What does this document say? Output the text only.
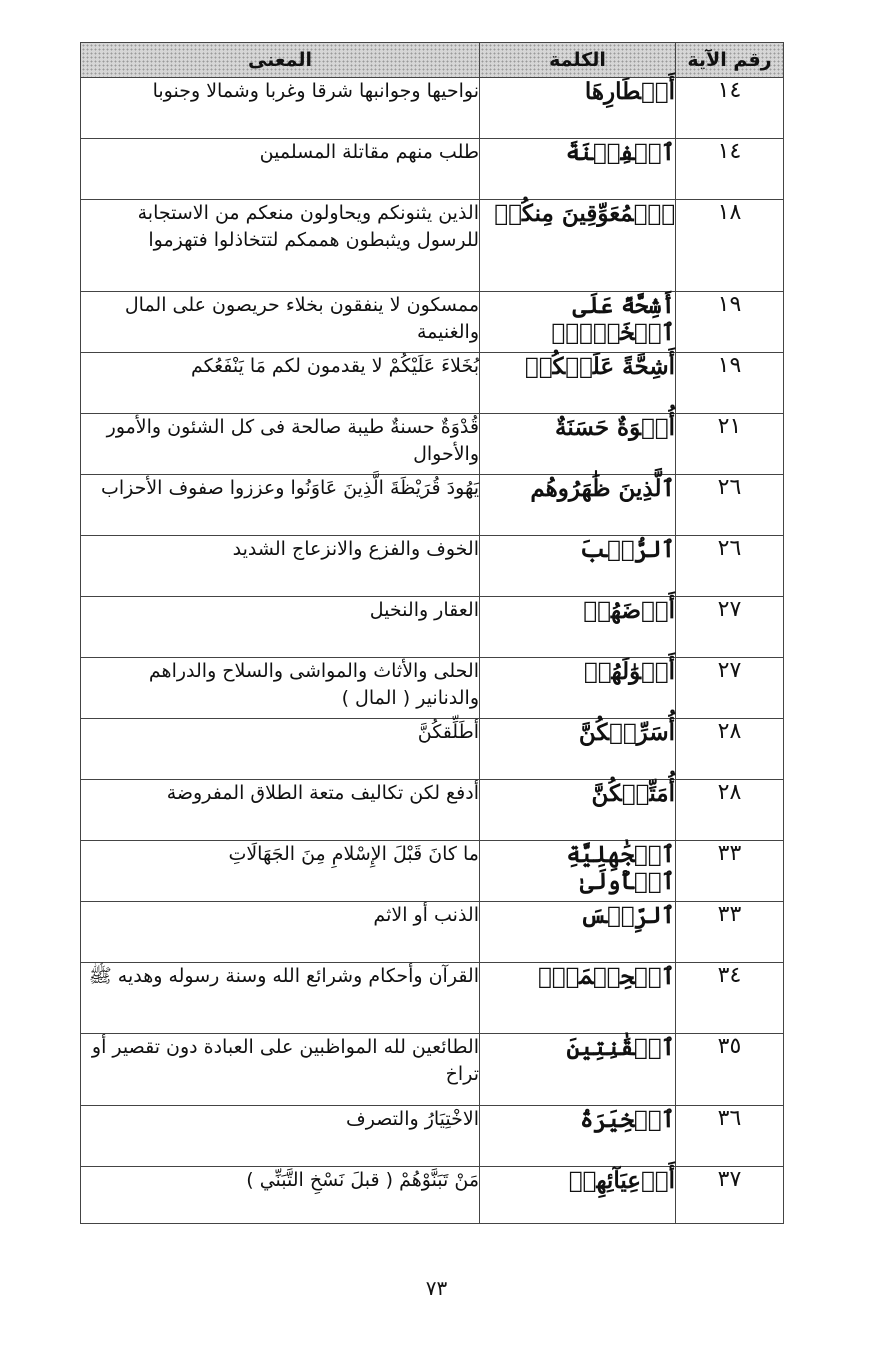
رقم الآية	الكلمة	المعنى
١٤	أَقۡطَارِهَا	نواحيها وجوانبها شرقا وغربا وشمالا وجنوبا
١٤	ٱلۡفِتۡنَةَ	طلب منهم مقاتلة المسلمين
١٨	ٱلۡمُعَوِّقِينَ مِنكُمۡ	الذين يثنونكم ويحاولون منعكم من الاستجابة للرسول ويثبطون هممكم لتتخاذلوا فتهزموا
١٩	أَشِحَّةً عَلَى ٱلۡخَيۡرِۚ	ممسكون لا ينفقون بخلاء حريصون على المال والغنيمة
١٩	أَشِحَّةً عَلَيۡكُمۡ	بُخَلاءَ عَلَيْكُمْ لا يقدمون لكم مَا يَنْفَعُكم
٢١	أُسۡوَةٌ حَسَنَةٌ	قُدْوَةٌ حسنةٌ طيبة صالحة فى كل الشئون والأمور والأحوال
٢٦	ٱلَّذِينَ ظَٰهَرُوهُم	يَهُودَ قُرَيْظَةَ الَّذِينَ عَاوَنُوا وعززوا صفوف الأحزاب
٢٦	ٱلرُّعۡبَ	الخوف والفزع والانزعاج الشديد
٢٧	أَرۡضَهُمۡ	العقار والنخيل
٢٧	أَمۡوَٰلَهُمۡ	الحلى والأثاث والمواشى والسلاح والدراهم والدنانير ( المال )
٢٨	أُسَرِّحۡكُنَّ	أطَلِّقكُنَّ
٢٨	أُمَتِّعۡكُنَّ	أدفع لكن تكاليف متعة الطلاق المفروضة
٣٣	ٱلۡجَٰهِلِيَّةِ ٱلۡأُولَىٰ	ما كانَ قَبْلَ الإِسْلامِ مِنَ الجَهَالَاتِ
٣٣	ٱلرِّجۡسَ	الذنب أو الاثم
٣٤	ٱلۡحِكۡمَةِۚ	القرآن وأحكام وشرائع الله وسنة رسوله وهديه ﷺ
٣٥	ٱلۡقَٰنِتِينَ	الطائعين لله المواظبين على العبادة دون تقصير أو تراخ
٣٦	ٱلۡخِيَرَةُ	الاخْتِيَارُ والتصرف
٣٧	أَدۡعِيَآئِهِمۡ	مَنْ تَبَنَّوْهُمْ ( قبلَ نَسْخِ التَّبَنِّي )
٧٣
